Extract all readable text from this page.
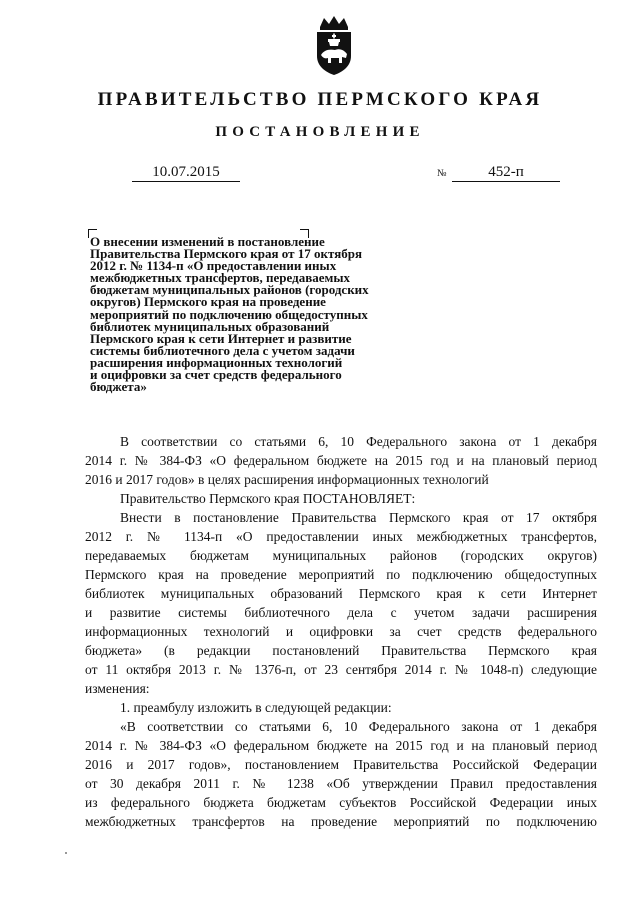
ПРАВИТЕЛЬСТВО ПЕРМСКОГО КРАЯ
ПОСТАНОВЛЕНИЕ
10.07.2015	№	452-п
О внесении изменений в постановление
Правительства Пермского края от 17 октября
2012 г. № 1134-п «О предоставлении иных
межбюджетных трансфертов, передаваемых
бюджетам муниципальных районов (городских
округов) Пермского края на проведение
мероприятий по подключению общедоступных
библиотек муниципальных образований
Пермского края к сети Интернет и развитие
системы библиотечного дела с учетом задачи
расширения информационных технологий
и оцифровки за счет средств федерального
бюджета»
В соответствии со статьями 6, 10 Федерального закона от 1 декабря
2014 г. № 384-ФЗ «О федеральном бюджете на 2015 год и на плановый период
2016 и 2017 годов» в целях расширения информационных технологий
Правительство Пермского края ПОСТАНОВЛЯЕТ:
Внести в постановление Правительства Пермского края от 17 октября
2012 г. № 1134-п «О предоставлении иных межбюджетных трансфертов,
передаваемых бюджетам муниципальных районов (городских округов)
Пермского края на проведение мероприятий по подключению общедоступных
библиотек муниципальных образований Пермского края к сети Интернет
и развитие системы библиотечного дела с учетом задачи расширения
информационных технологий и оцифровки за счет средств федерального
бюджета» (в редакции постановлений Правительства Пермского края
от 11 октября 2013 г. № 1376-п, от 23 сентября 2014 г. № 1048-п) следующие
изменения:
1. преамбулу изложить в следующей редакции:
«В соответствии со статьями 6, 10 Федерального закона от 1 декабря
2014 г. № 384-ФЗ «О федеральном бюджете на 2015 год и на плановый период
2016 и 2017 годов», постановлением Правительства Российской Федерации
от 30 декабря 2011 г. № 1238 «Об утверждении Правил предоставления
из федерального бюджета бюджетам субъектов Российской Федерации иных
межбюджетных трансфертов на проведение мероприятий по подключению
